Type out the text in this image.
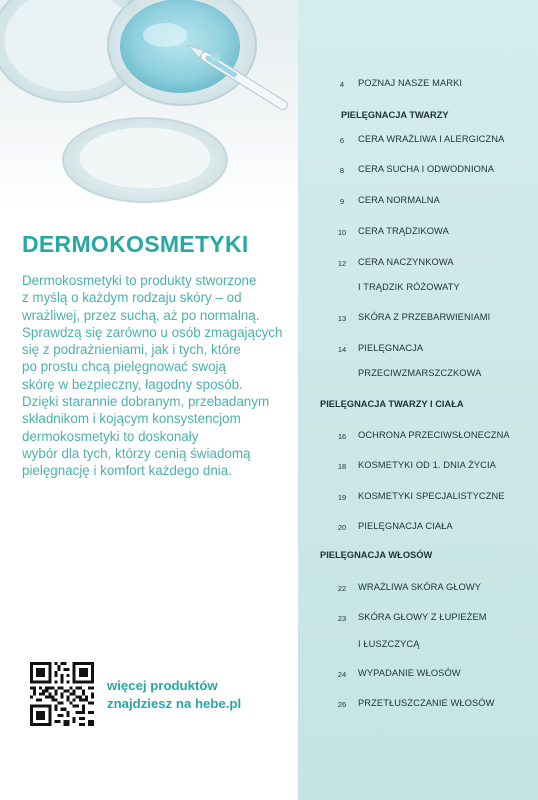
DERMOKOSMETYKI
Dermokosmetyki to produkty stworzone
z myślą o każdym rodzaju skóry – od
wrażliwej, przez suchą, aż po normalną.
Sprawdzą się zarówno u osób zmagających
się z podrażnieniami, jak i tych, które
po prostu chcą pielęgnować swoją
skórę w bezpieczny, łagodny sposób.
Dzięki starannie dobranym, przebadanym
składnikom i kojącym konsystencjom
dermokosmetyki to doskonały
wybór dla tych, którzy cenią świadomą
pielęgnację i komfort każdego dnia.
więcej produktów
znajdziesz na hebe.pl
4	POZNAJ NASZE MARKI
PIELĘGNACJA TWARZY
6	CERA WRAŻLIWA I ALERGICZNA
8	CERA SUCHA I ODWODNIONA
9	CERA NORMALNA
10	CERA TRĄDZIKOWA
12	CERA NACZYNKOWA
I TRĄDZIK RÓŻOWATY
13	SKÓRA Z PRZEBARWIENIAMI
14	PIELĘGNACJA
PRZECIWZMARSZCZKOWA
PIELĘGNACJA TWARZY I CIAŁA
16	OCHRONA PRZECIWSŁONECZNA
18	KOSMETYKI OD 1. DNIA ŻYCIA
19	KOSMETYKI SPECJALISTYCZNE
20	PIELĘGNACJA CIAŁA
PIELĘGNACJA WŁOSÓW
22	WRAŻLIWA SKÓRA GŁOWY
23	SKÓRA GŁOWY Z ŁUPIEŻEM
I ŁUSZCZYCĄ
24	WYPADANIE WŁOSÓW
26	PRZETŁUSZCZANIE WŁOSÓW
